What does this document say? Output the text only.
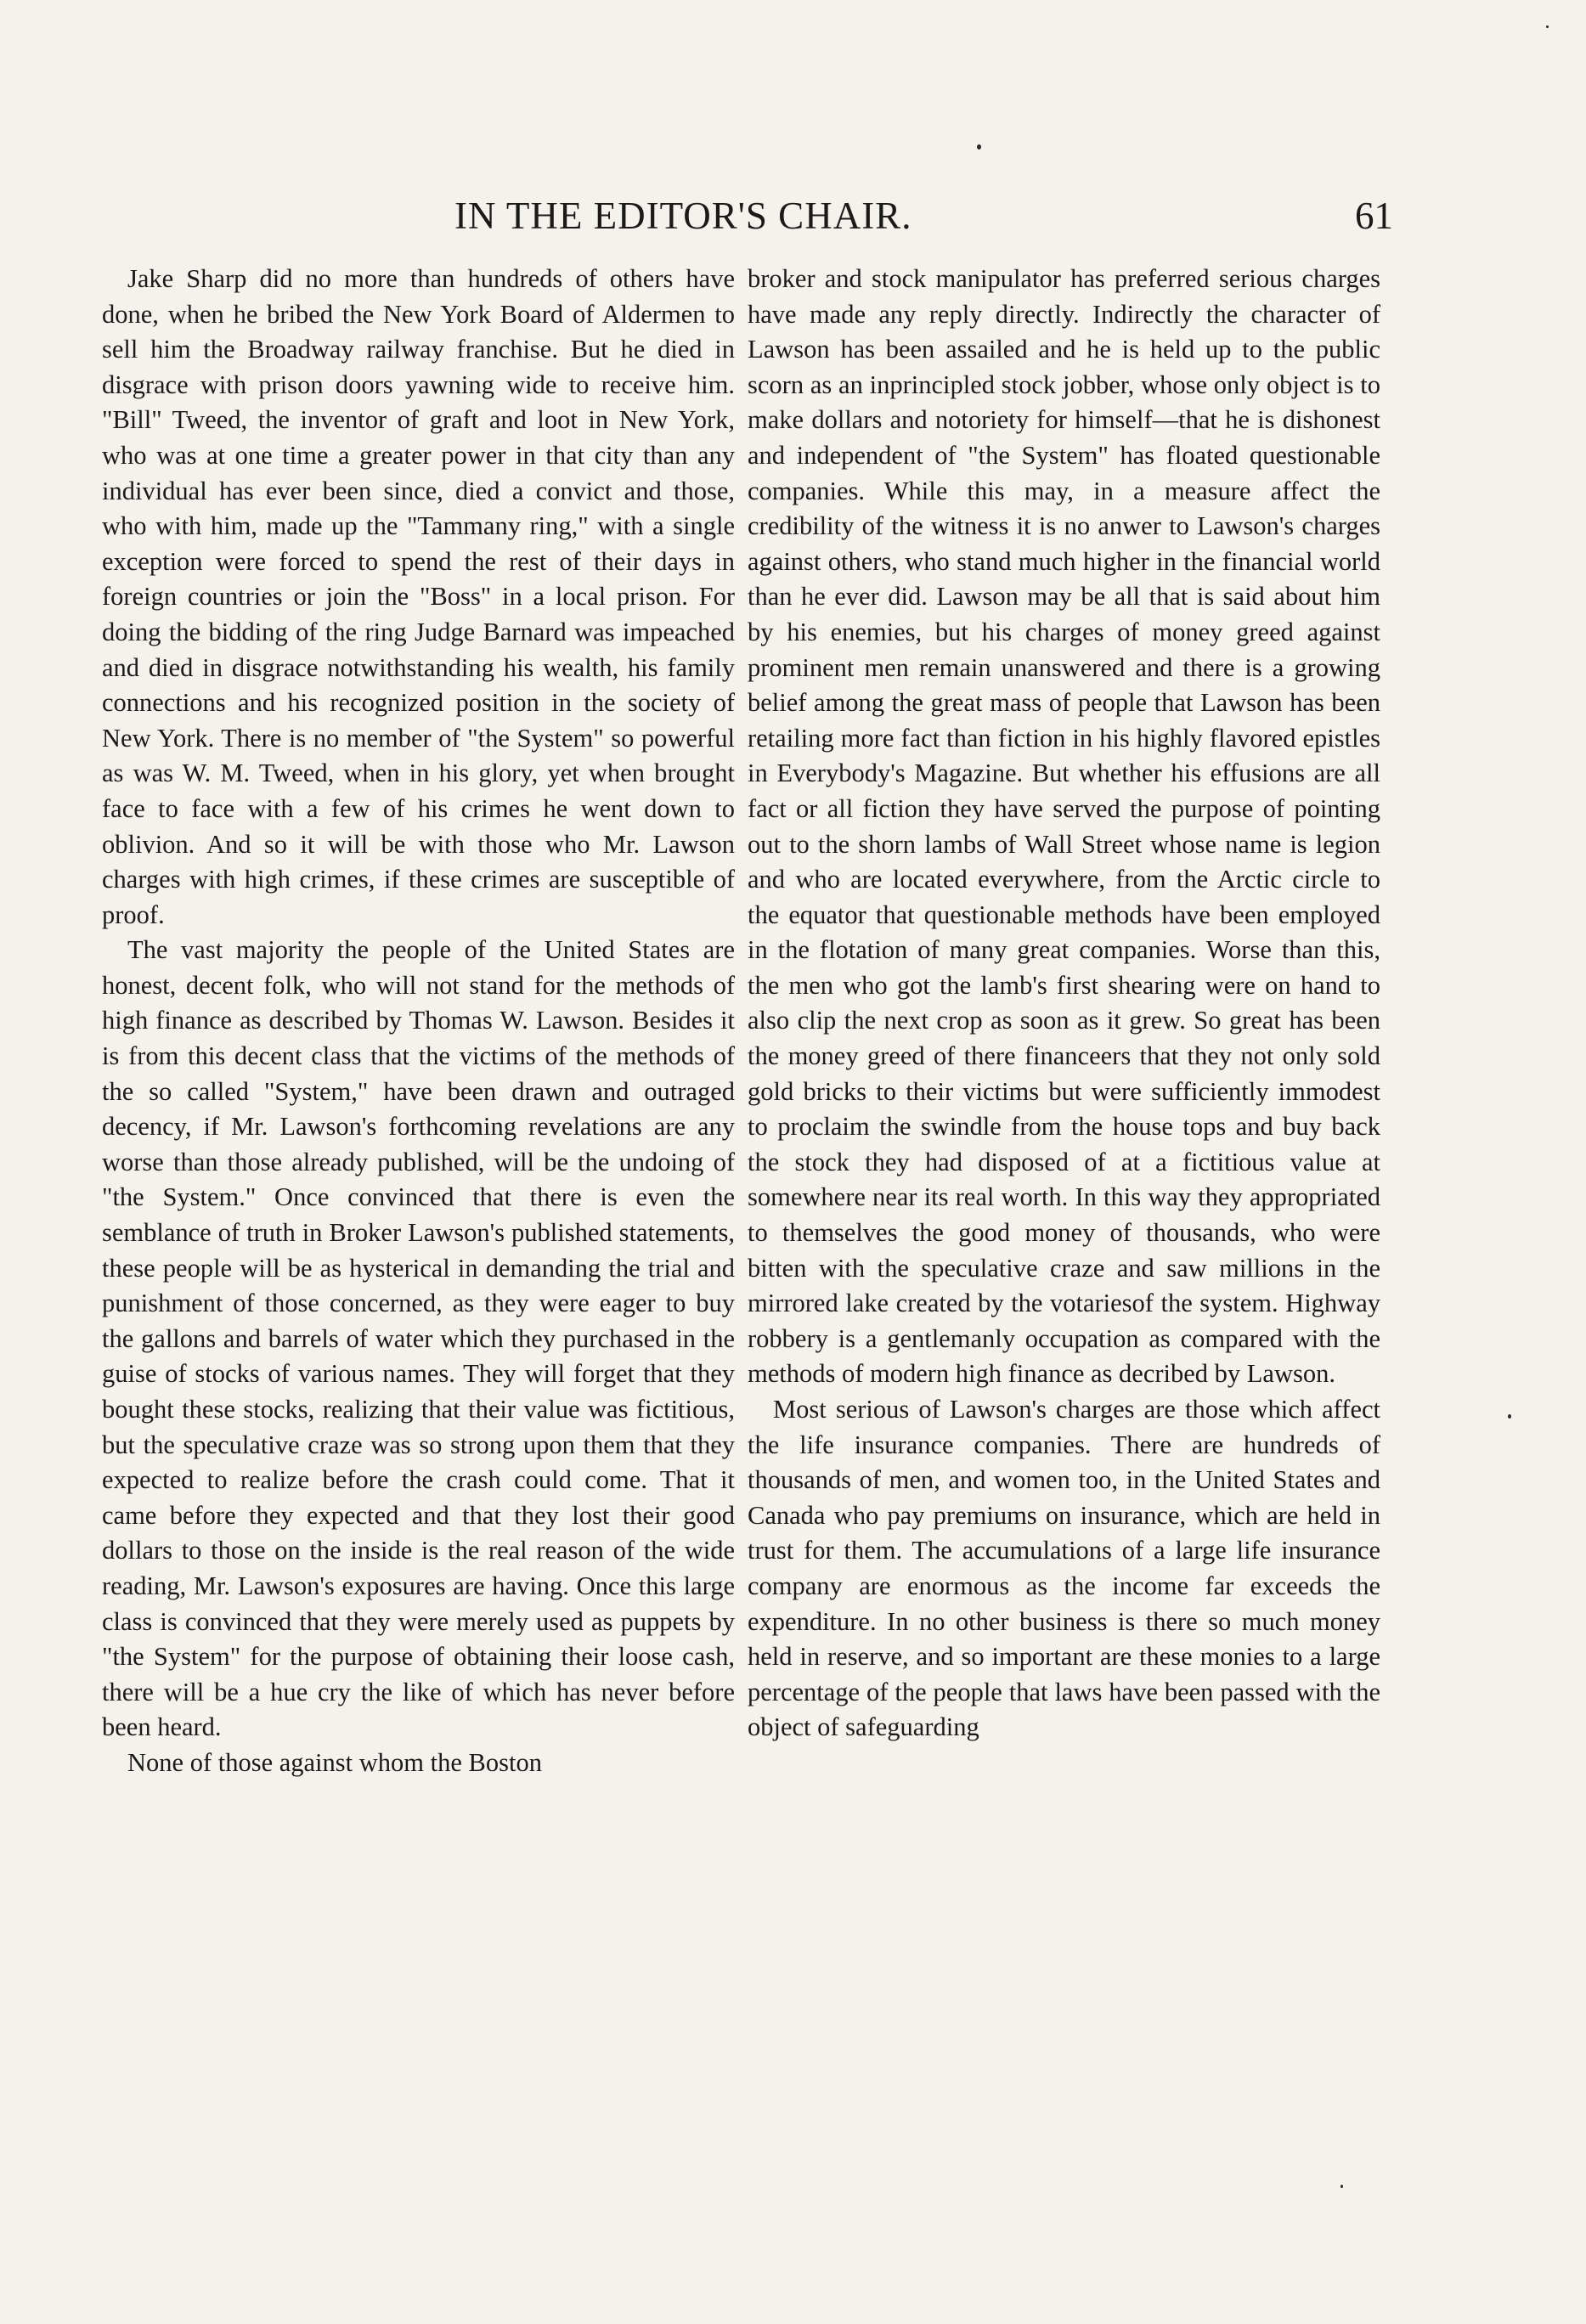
IN THE EDITOR'S CHAIR.	61

Jake Sharp did no more than hundreds of others have done, when he bribed the New York Board of Aldermen to sell him the Broadway railway franchise. But he died in disgrace with prison doors yawning wide to receive him. "Bill" Tweed, the inventor of graft and loot in New York, who was at one time a greater power in that city than any individual has ever been since, died a convict and those, who with him, made up the "Tammany ring," with a single exception were forced to spend the rest of their days in foreign countries or join the "Boss" in a local prison. For doing the bidding of the ring Judge Barnard was impeached and died in disgrace notwithstanding his wealth, his family connections and his recognized position in the society of New York. There is no member of "the System" so powerful as was W. M. Tweed, when in his glory, yet when brought face to face with a few of his crimes he went down to oblivion. And so it will be with those who Mr. Lawson charges with high crimes, if these crimes are susceptible of proof.

The vast majority the people of the United States are honest, decent folk, who will not stand for the methods of high finance as described by Thomas W. Lawson. Besides it is from this decent class that the victims of the methods of the so called "System," have been drawn and outraged decency, if Mr. Lawson's forthcoming revelations are any worse than those already published, will be the undoing of "the System." Once convinced that there is even the semblance of truth in Broker Lawson's published statements, these people will be as hysterical in demanding the trial and punishment of those concerned, as they were eager to buy the gallons and barrels of water which they purchased in the guise of stocks of various names. They will forget that they bought these stocks, realizing that their value was fictitious, but the speculative craze was so strong upon them that they expected to realize before the crash could come. That it came before they expected and that they lost their good dollars to those on the inside is the real reason of the wide reading, Mr. Lawson's exposures are having. Once this large class is convinced that they were merely used as puppets by "the System" for the purpose of obtaining their loose cash, there will be a hue cry the like of which has never before been heard.

None of those against whom the Boston

broker and stock manipulator has preferred serious charges have made any reply directly. Indirectly the character of Lawson has been assailed and he is held up to the public scorn as an inprincipled stock jobber, whose only object is to make dollars and notoriety for himself—that he is dishonest and independent of "the System" has floated questionable companies. While this may, in a measure affect the credibility of the witness it is no anwer to Lawson's charges against others, who stand much higher in the financial world than he ever did. Lawson may be all that is said about him by his enemies, but his charges of money greed against prominent men remain unanswered and there is a growing belief among the great mass of people that Lawson has been retailing more fact than fiction in his highly flavored epistles in Everybody's Magazine. But whether his effusions are all fact or all fiction they have served the purpose of pointing out to the shorn lambs of Wall Street whose name is legion and who are located everywhere, from the Arctic circle to the equator that questionable methods have been employed in the flotation of many great companies. Worse than this, the men who got the lamb's first shearing were on hand to also clip the next crop as soon as it grew. So great has been the money greed of there financeers that they not only sold gold bricks to their victims but were sufficiently immodest to proclaim the swindle from the house tops and buy back the stock they had disposed of at a fictitious value at somewhere near its real worth. In this way they appropriated to themselves the good money of thousands, who were bitten with the speculative craze and saw millions in the mirrored lake created by the votariesof the system. Highway robbery is a gentlemanly occupation as compared with the methods of modern high finance as decribed by Lawson.

Most serious of Lawson's charges are those which affect the life insurance companies. There are hundreds of thousands of men, and women too, in the United States and Canada who pay premiums on insurance, which are held in trust for them. The accumulations of a large life insurance company are enormous as the income far exceeds the expenditure. In no other business is there so much money held in reserve, and so important are these monies to a large percentage of the people that laws have been passed with the object of safeguarding
